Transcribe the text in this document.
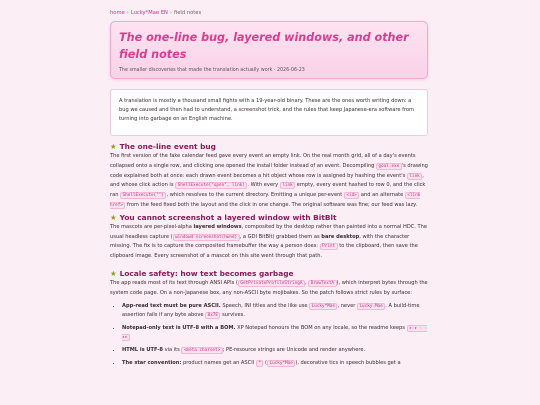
home › Lucky*Mae EN › field notes
The one-line bug, layered windows, and other field notes
The smaller discoveries that made the translation actually work · 2026-06-23
A translation is mostly a thousand small fights with a 19-year-old binary. These are the ones worth writing down: a bug we caused and then had to understand, a screenshot trick, and the rules that keep Japanese-era software from turning into garbage on an English machine.
★ The one-line event bug

The first version of the fake calendar feed gave every event an empty link. On the real month grid, all of a day's events collapsed onto a single row, and clicking one opened the install folder instead of an event. Decompiling goal.exe 's drawing code explained both at once: each drawn event becomes a hit object whose row is assigned by hashing the event's link , and whose click action is ShellExecute("open", link) . With every link empty, every event hashed to row 0, and the click ran ShellExecute("") , which resolves to the current directory. Emitting a unique per-event <id> and an alternate <link href> from the feed fixed both the layout and the click in one change. The original software was fine; our feed was lazy.

★ You cannot screenshot a layered window with BitBlt

The mascots are per-pixel-alpha layered windows, composited by the desktop rather than painted into a normal HDC. The usual headless capture ( windowd screenshot(hwnd) , a GDI BitBlt) grabbed them as bare desktop, with the character missing. The fix is to capture the composited framebuffer the way a person does: Print to the clipboard, then save the clipboard image. Every screenshot of a mascot on this site went through that path.

★ Locale safety: how text becomes garbage

The app reads most of its text through ANSI APIs ( GetPrivateProfileStringA , DrawTextA ), which interpret bytes through the system code page. On a non-Japanese box, any non-ASCII byte mojibakes. So the patch follows strict rules by surface:

• App-read text must be pure ASCII. Speech, INI titles and the like use Lucky*Mae , never Lucky☆Mae . A build-time assertion fails if any byte above 0x7E survives.
• Notepad-only text is UTF-8 with a BOM. XP Notepad honours the BOM on any locale, so the readme keeps ★☆★ ☆ ☆ ★★
• HTML is UTF-8 via its <meta charset> ; PE-resource strings are Unicode and render anywhere.
• The star convention: product names get an ASCII * ( Lucky*Mae ), decorative tics in speech bubbles get a
